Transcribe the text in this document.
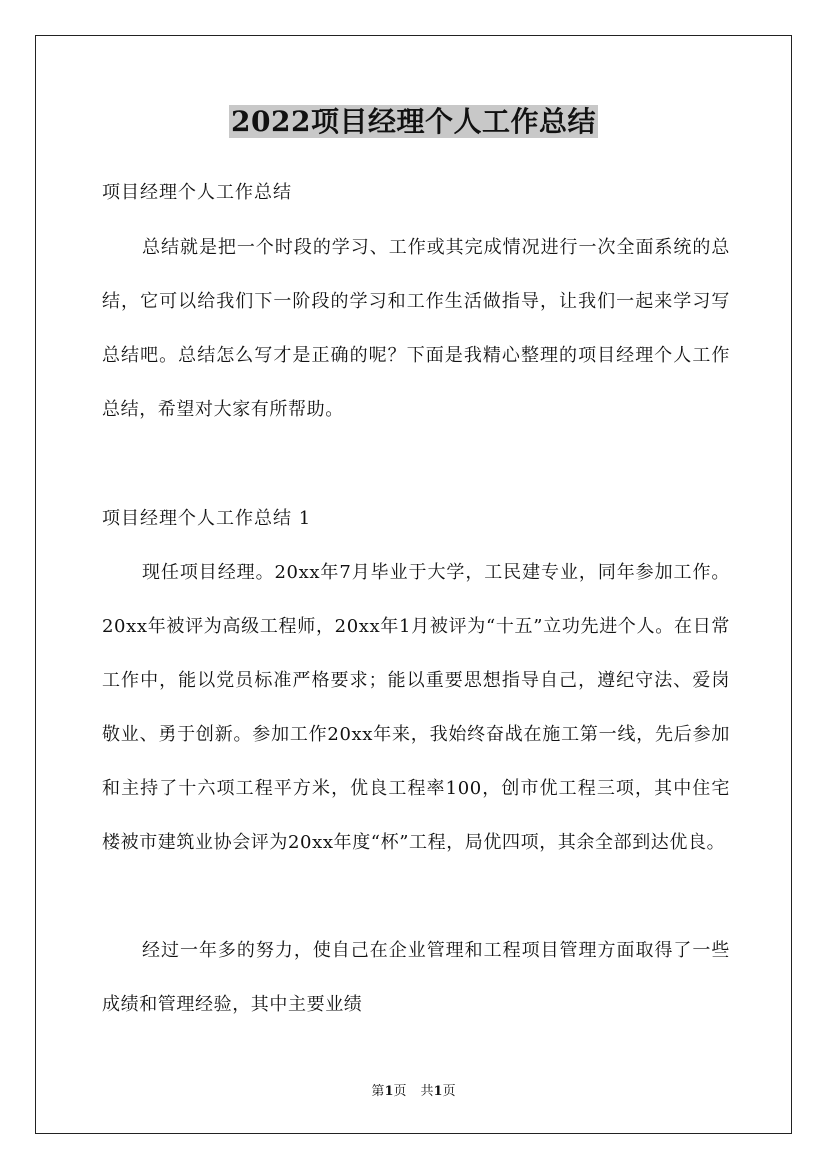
2022项目经理个人工作总结
项目经理个人工作总结

总结就是把一个时段的学习、工作或其完成情况进行一次全面系统的总结，它可以给我们下一阶段的学习和工作生活做指导，让我们一起来学习写总结吧。总结怎么写才是正确的呢？下面是我精心整理的项目经理个人工作总结，希望对大家有所帮助。

项目经理个人工作总结 1

现任项目经理。20xx年7月毕业于大学，工民建专业，同年参加工作。20xx年被评为高级工程师，20xx年1月被评为“十五”立功先进个人。在日常工作中，能以党员标准严格要求；能以重要思想指导自己，遵纪守法、爱岗敬业、勇于创新。参加工作20xx年来，我始终奋战在施工第一线，先后参加和主持了十六项工程平方米，优良工程率100，创市优工程三项，其中住宅楼被市建筑业协会评为20xx年度“杯”工程，局优四项，其余全部到达优良。

经过一年多的努力，使自己在企业管理和工程项目管理方面取得了一些成绩和管理经验，其中主要业绩

第1页 共1页
